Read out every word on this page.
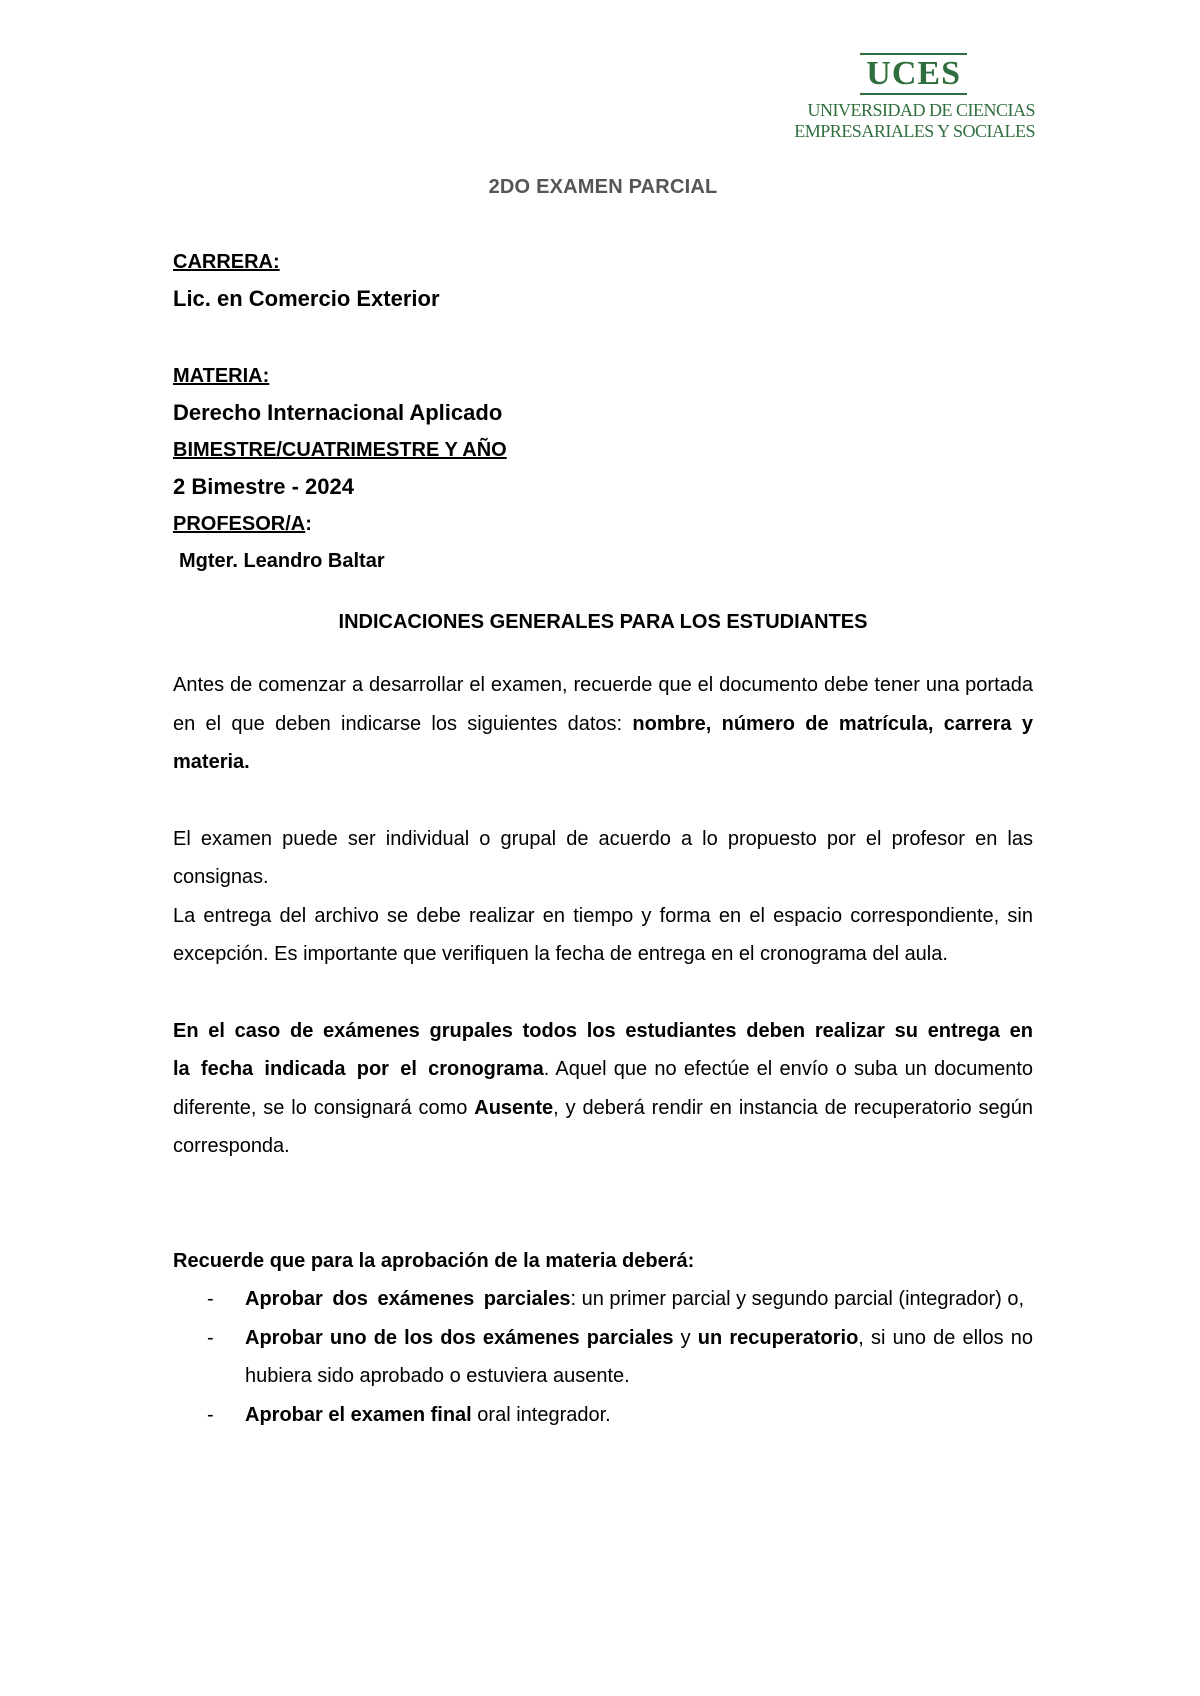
UCES
UNIVERSIDAD DE CIENCIAS
EMPRESARIALES Y SOCIALES
2DO EXAMEN PARCIAL
CARRERA:
Lic. en Comercio Exterior
MATERIA:
Derecho Internacional Aplicado
BIMESTRE/CUATRIMESTRE Y AÑO
2 Bimestre - 2024
PROFESOR/A:
Mgter. Leandro Baltar
INDICACIONES GENERALES PARA LOS ESTUDIANTES

Antes de comenzar a desarrollar el examen, recuerde que el documento debe tener una portada en el que deben indicarse los siguientes datos: nombre, número de matrícula, carrera y materia.

El examen puede ser individual o grupal de acuerdo a lo propuesto por el profesor en las consignas.

La entrega del archivo se debe realizar en tiempo y forma en el espacio correspondiente, sin excepción. Es importante que verifiquen la fecha de entrega en el cronograma del aula.

En el caso de exámenes grupales todos los estudiantes deben realizar su entrega en la fecha indicada por el cronograma. Aquel que no efectúe el envío o suba un documento diferente, se lo consignará como Ausente, y deberá rendir en instancia de recuperatorio según corresponda.

Recuerde que para la aprobación de la materia deberá:

- Aprobar dos exámenes parciales: un primer parcial y segundo parcial (integrador) o,
- Aprobar uno de los dos exámenes parciales y un recuperatorio, si uno de ellos no hubiera sido aprobado o estuviera ausente.
- Aprobar el examen final oral integrador.
